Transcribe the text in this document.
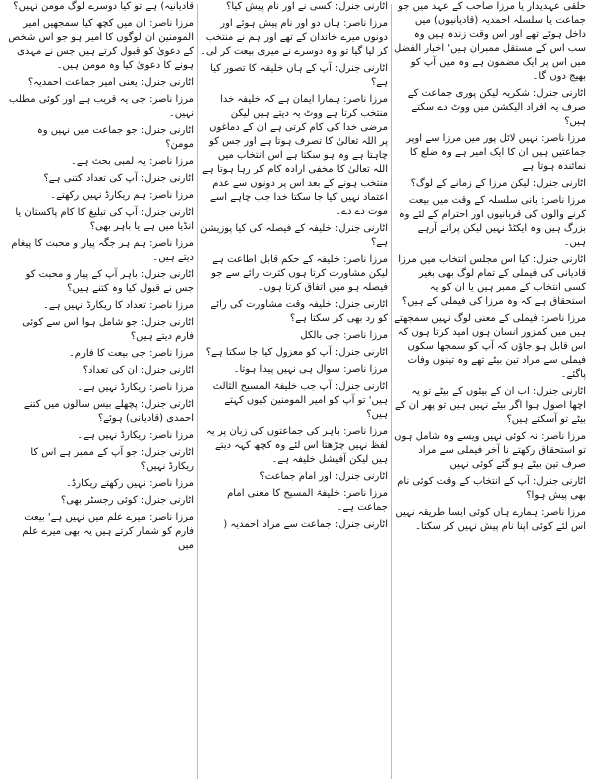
حلقی عہدیدار یا مرزا صاحب کے عہد میں جو جماعت یا سلسلہ احمدیہ (قادیانیوں) میں داخل ہوئے تھے اور اس وقت زندہ ہیں وہ سب اس کے مستقل ممبران ہیں' اخبار الفضل میں اس پر ایک مضمون ہے وہ میں آپ کو بھیج دوں گا۔

اٹارنی جنرل: شکریہ لیکن پوری جماعت کے صرف یہ افراد الیکشن میں ووٹ دے سکتے ہیں؟

مرزا ناصر: نہیں لائل پور میں مرزا سے اوپر جماعتیں ہیں ان کا ایک امیر ہے وہ ضلع کا نمائندہ ہوتا ہے

اٹارنی جنرل: لیکن مرزا کے زمانے کے لوگ؟

مرزا ناصر: بانی سلسلہ کے وقت میں بیعت کرنے والوں کی قربانیوں اور احترام کے لئے وہ بزرگ ہیں وہ ایکٹڈ نہیں لیکن پرانے آرہے ہیں۔

اٹارنی جنرل: کیا اس مجلس انتخاب میں مرزا قادیانی کی فیملی کے تمام لوگ بھی بغیر کسی انتخاب کے ممبر ہیں یا ان کو یہ استحقاق ہے کہ وہ مرزا کی فیملی کے ہیں؟

مرزا ناصر: فیملی کے معنی لوگ نہیں سمجھتے ہیں میں کمزور انسان ہوں امید کرتا ہوں کہ اس قابل ہو جاؤں کہ آپ کو سمجھا سکوں فیملی سے مراد تین بیٹے تھے وہ تینوں وفات پاگئے۔

اٹارنی جنرل: اب ان کے بیٹوں کے بیٹے تو یہ اچھا اصول ہوا اگر بیٹے نہیں ہیں تو پھر ان کے بیٹے تو آسکتے ہیں؟

مرزا ناصر: نہ کوئی نہیں ویسے وہ شامل ہوں تو استحقاق رکھتے نا آخر فیملی سے مراد صرف تین بیٹے ہو گئے کوئی نہیں

اٹارنی جنرل: آپ کے انتخاب کے وقت کوئی نام بھی پیش ہوا؟

مرزا ناصر: ہمارے ہاں کوئی ایسا طریقہ نہیں اس لئے کوئی اپنا نام پیش نہیں کر سکتا۔

اٹارنی جنرل: کسی نے اور نام پیش کیا؟

مرزا ناصر: ہاں دو اور نام پیش ہوئے اور دونوں میرے خاندان کے تھے اور ہم نے منتخب کر لیا گیا تو وہ دوسرے نے میری بیعت کر لی۔

اٹارنی جنرل: آپ کے ہاں خلیفہ کا تصور کیا ہے؟

مرزا ناصر: ہمارا ایمان ہے کہ خلیفہ خدا منتخب کرتا ہے ووٹ یہ دیتے ہیں لیکن مرضی خدا کی کام کرتی ہے ان کے دماغوں پر اللہ تعالیٰ کا تصرف ہوتا ہے اور جس کو چاہتا ہے وہ ہو سکتا ہے اس انتخاب میں اللہ تعالیٰ کا مخفی ارادہ کام کر رہا ہوتا ہے منتخب ہونے کے بعد اس پر دونوں سے عدم اعتماد نہیں کیا جا سکتا خدا جب چاہے اسے موت دے دے۔

اٹارنی جنرل: خلیفہ کے فیصلہ کی کیا پوزیشن ہے؟

مرزا ناصر: خلیفہ کے حکم قابل اطاعت ہے لیکن مشاورت کرتا ہوں کثرت رائے سے جو فیصلہ ہو میں اتفاق کرتا ہوں۔

اٹارنی جنرل: خلیفہ وقت مشاورت کی رائے کو رد بھی کر سکتا ہے؟

مرزا ناصر: جی بالکل

اٹارنی جنرل: آپ کو معزول کیا جا سکتا ہے؟

مرزا ناصر: سوال ہی نہیں پیدا ہوتا۔

اٹارنی جنرل: آپ جب خلیفۃ المسیح الثالث ہیں' تو آپ کو امیر المومنین کیوں کہتے ہیں؟

مرزا ناصر: باہر کی جماعتوں کی زبان پر یہ لفظ نہیں چڑھتا اس لئے وہ کچھ کہہ دیتے ہیں لیکن آفیشل خلیفہ ہے۔

اٹارنی جنرل: اور امام جماعت؟

مرزا ناصر: خلیفۃ المسیح کا معنی امام جماعت ہے۔

اٹارنی جنرل: جماعت سے مراد احمدیہ (

قادیانیہ) ہے تو کیا دوسرے لوگ مومن نہیں؟

مرزا ناصر: ان میں کچھ کیا سمجھیں امیر المومنین ان لوگوں کا امیر ہو جو اس شخص کے دعویٰ کو قبول کرتے ہیں جس نے مہدی ہونے کا دعویٰ کیا وہ مومن ہیں۔

اٹارنی جنرل: یعنی امیر جماعت احمدیہ؟

مرزا ناصر: جی یہ قریب ہے اور کوئی مطلب نہیں۔

اٹارنی جنرل: جو جماعت میں نہیں وہ مومن؟

مرزا ناصر: یہ لمبی بحث ہے۔

اٹارنی جنرل: آپ کی تعداد کتنی ہے؟

مرزا ناصر: ہم ریکارڈ نہیں رکھتے۔

اٹارنی جنرل: آپ کی تبلیغ کا کام پاکستان یا انڈیا میں ہے یا باہر بھی؟

مرزا ناصر: ہم ہر جگہ پیار و محبت کا پیغام دیتے ہیں۔

اٹارنی جنرل: باہر آپ کے پیار و محبت کو جس نے قبول کیا وہ کتنے ہیں؟

مرزا ناصر: تعداد کا ریکارڈ نہیں ہے۔

اٹارنی جنرل: جو شامل ہوا اس سے کوئی فارم دیتے ہیں؟

مرزا ناصر: جی بیعت کا فارم۔

اٹارنی جنرل: ان کی تعداد؟

مرزا ناصر: ریکارڈ نہیں ہے۔

اٹارنی جنرل: پچھلے بیس سالوں میں کتنے احمدی (قادیانی) ہوئے؟

مرزا ناصر: ریکارڈ نہیں ہے۔

اٹارنی جنرل: جو آپ کے ممبر ہے اس کا ریکارڈ نہیں؟

مرزا ناصر: نہیں رکھتے ریکارڈ۔

اٹارنی جنرل: کوئی رجسٹر بھی؟

مرزا ناصر: میرے علم میں نہیں ہے' بیعت فارم کو شمار کرتے ہیں یہ بھی میرے علم میں
